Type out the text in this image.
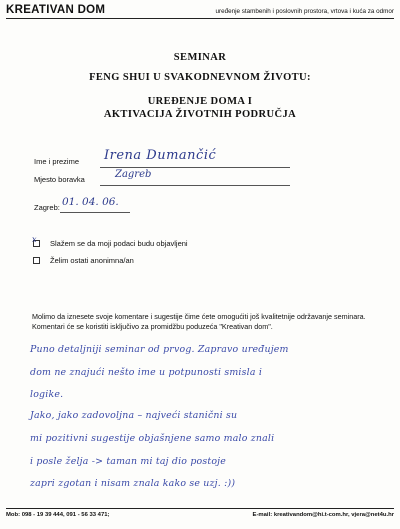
KREATIVAN DOM	uređenje stambenih i poslovnih prostora, vrtova i kuća za odmor
SEMINAR
FENG SHUI U SVAKODNEVNOM ŽIVOTU:
UREĐENJE DOMA I
AKTIVACIJA ŽIVOTNIH PODRUČJA
Ime i prezime Irena Dumančić
Mjesto boravka	Zagreb
Zagreb: 01. 04. 06.
x Slažem se da moji podaci budu objavljeni
Želim ostati anonimna/an
Molimo da iznesete svoje komentare i sugestije čime ćete omogućiti još kvalitetnije održavanje seminara. Komentari će se koristiti isključivo za promidžbu poduzeća "Kreativan dom".
Puno detaljniji seminar od prvog. Zapravo uređujem
dom ne znajući nešto ime u potpunosti smisla i
logike.
Jako, jako zadovoljna – najveći stanični su
mi pozitivni sugestije objašnjene samo malo znali
i posle želja -> taman mi taj dio postoje
zapri zgotan i nisam znala kako se uzj. :))
Mob: 098 - 19 39 444, 091 - 56 33 471;	E-mail: kreativandom@hi.t-com.hr, vjera@net4u.hr
